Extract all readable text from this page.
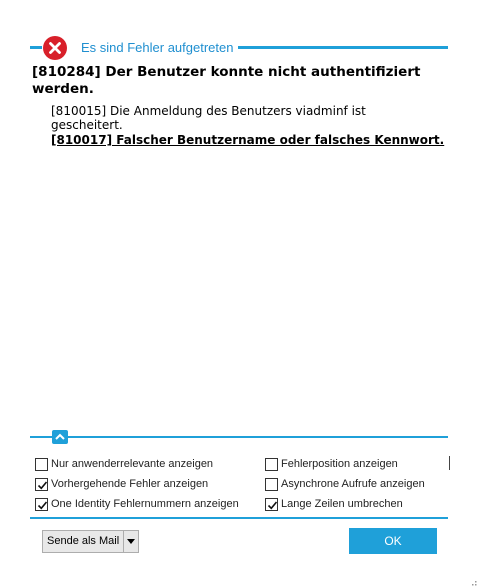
Es sind Fehler aufgetreten
[810284] Der Benutzer konnte nicht authentifiziert werden.
[810015] Die Anmeldung des Benutzers viadminf ist gescheitert.
[810017] Falscher Benutzername oder falsches Kennwort.
Nur anwenderrelevante anzeigen	Fehlerposition anzeigen
Vorhergehende Fehler anzeigen	Asynchrone Aufrufe anzeigen
One Identity Fehlernummern anzeigen	Lange Zeilen umbrechen
Sende als Mail	OK
